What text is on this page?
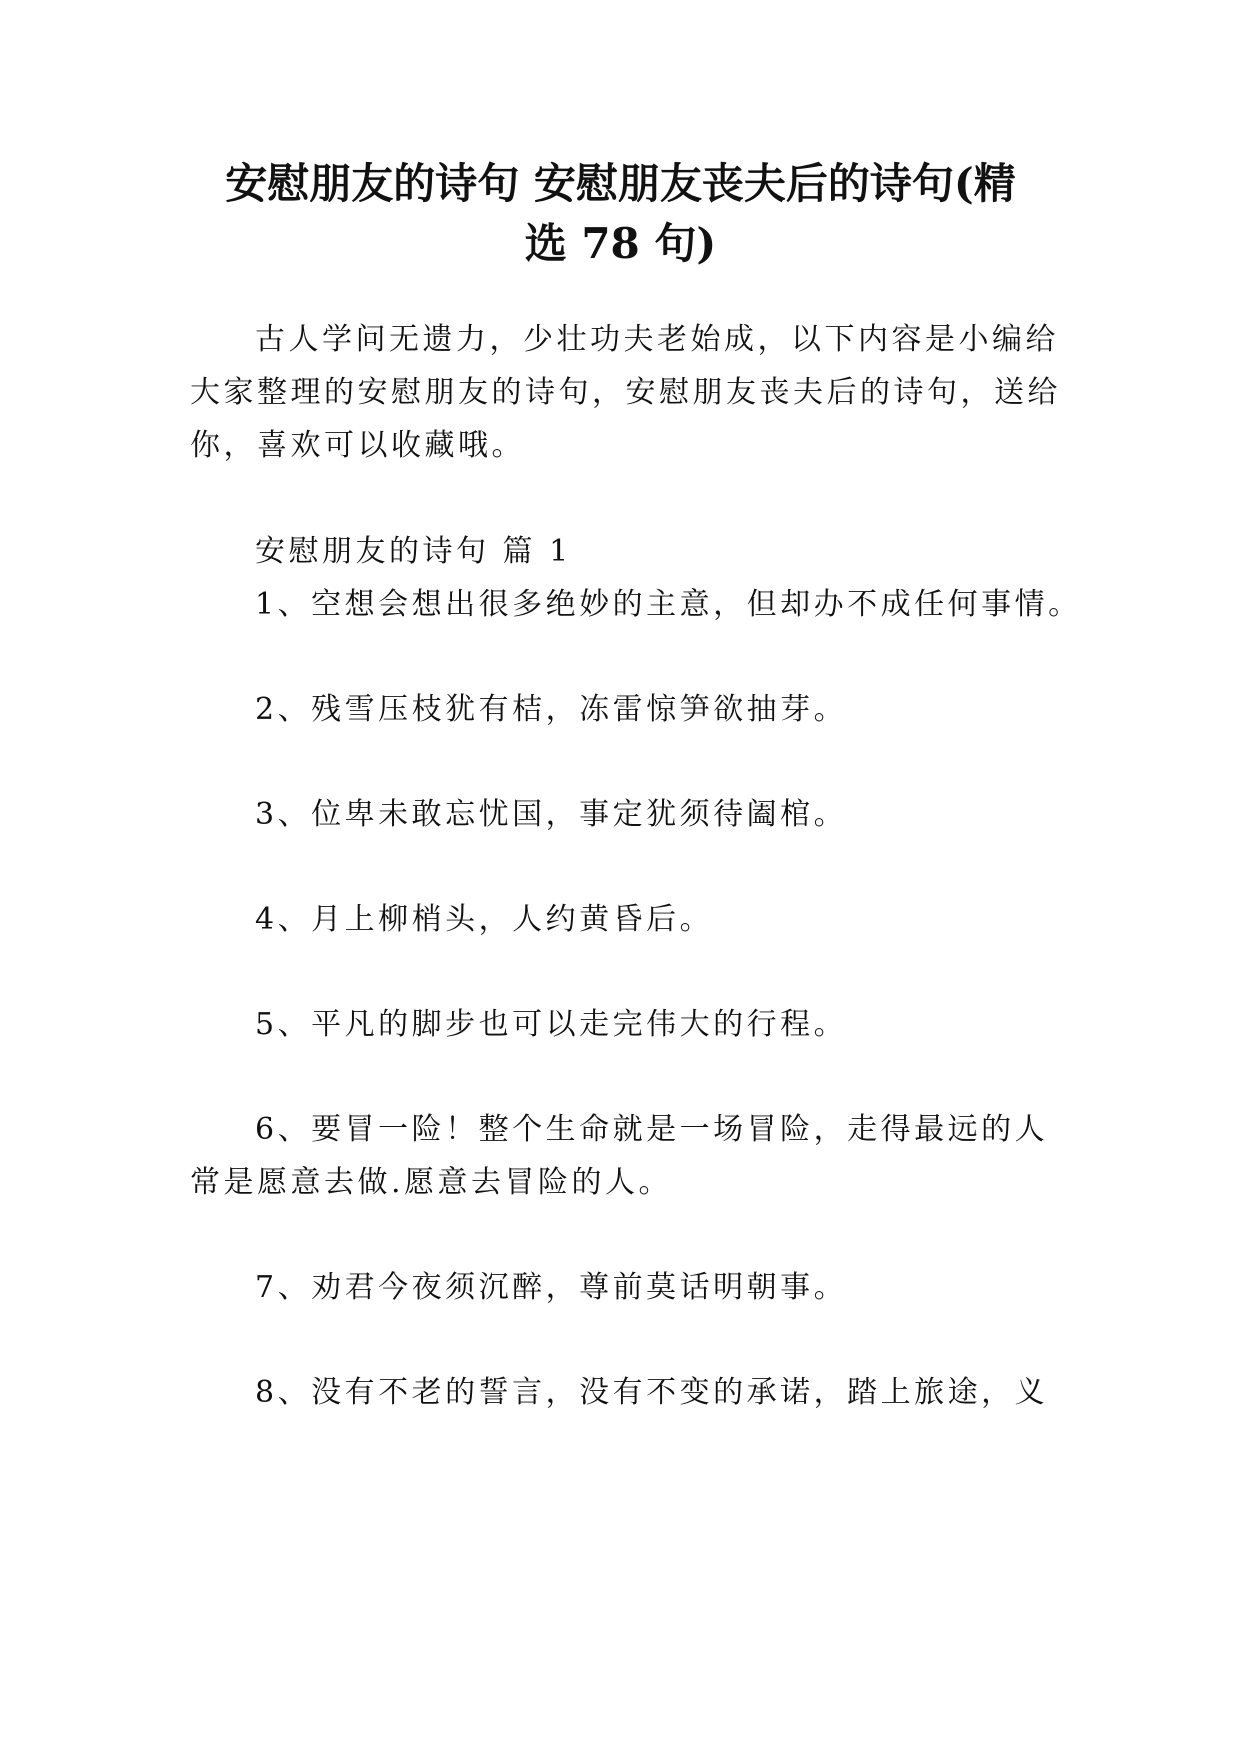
安慰朋友的诗句 安慰朋友丧夫后的诗句(精
选 78 句)
古人学问无遗力，少壮功夫老始成，以下内容是小编给
大家整理的安慰朋友的诗句，安慰朋友丧夫后的诗句，送给
你，喜欢可以收藏哦。
安慰朋友的诗句 篇 1
1、空想会想出很多绝妙的主意，但却办不成任何事情。
2、残雪压枝犹有桔，冻雷惊笋欲抽芽。
3、位卑未敢忘忧国，事定犹须待阖棺。
4、月上柳梢头，人约黄昏后。
5、平凡的脚步也可以走完伟大的行程。
6、要冒一险！整个生命就是一场冒险，走得最远的人
常是愿意去做.愿意去冒险的人。
7、劝君今夜须沉醉，尊前莫话明朝事。
8、没有不老的誓言，没有不变的承诺，踏上旅途，义
